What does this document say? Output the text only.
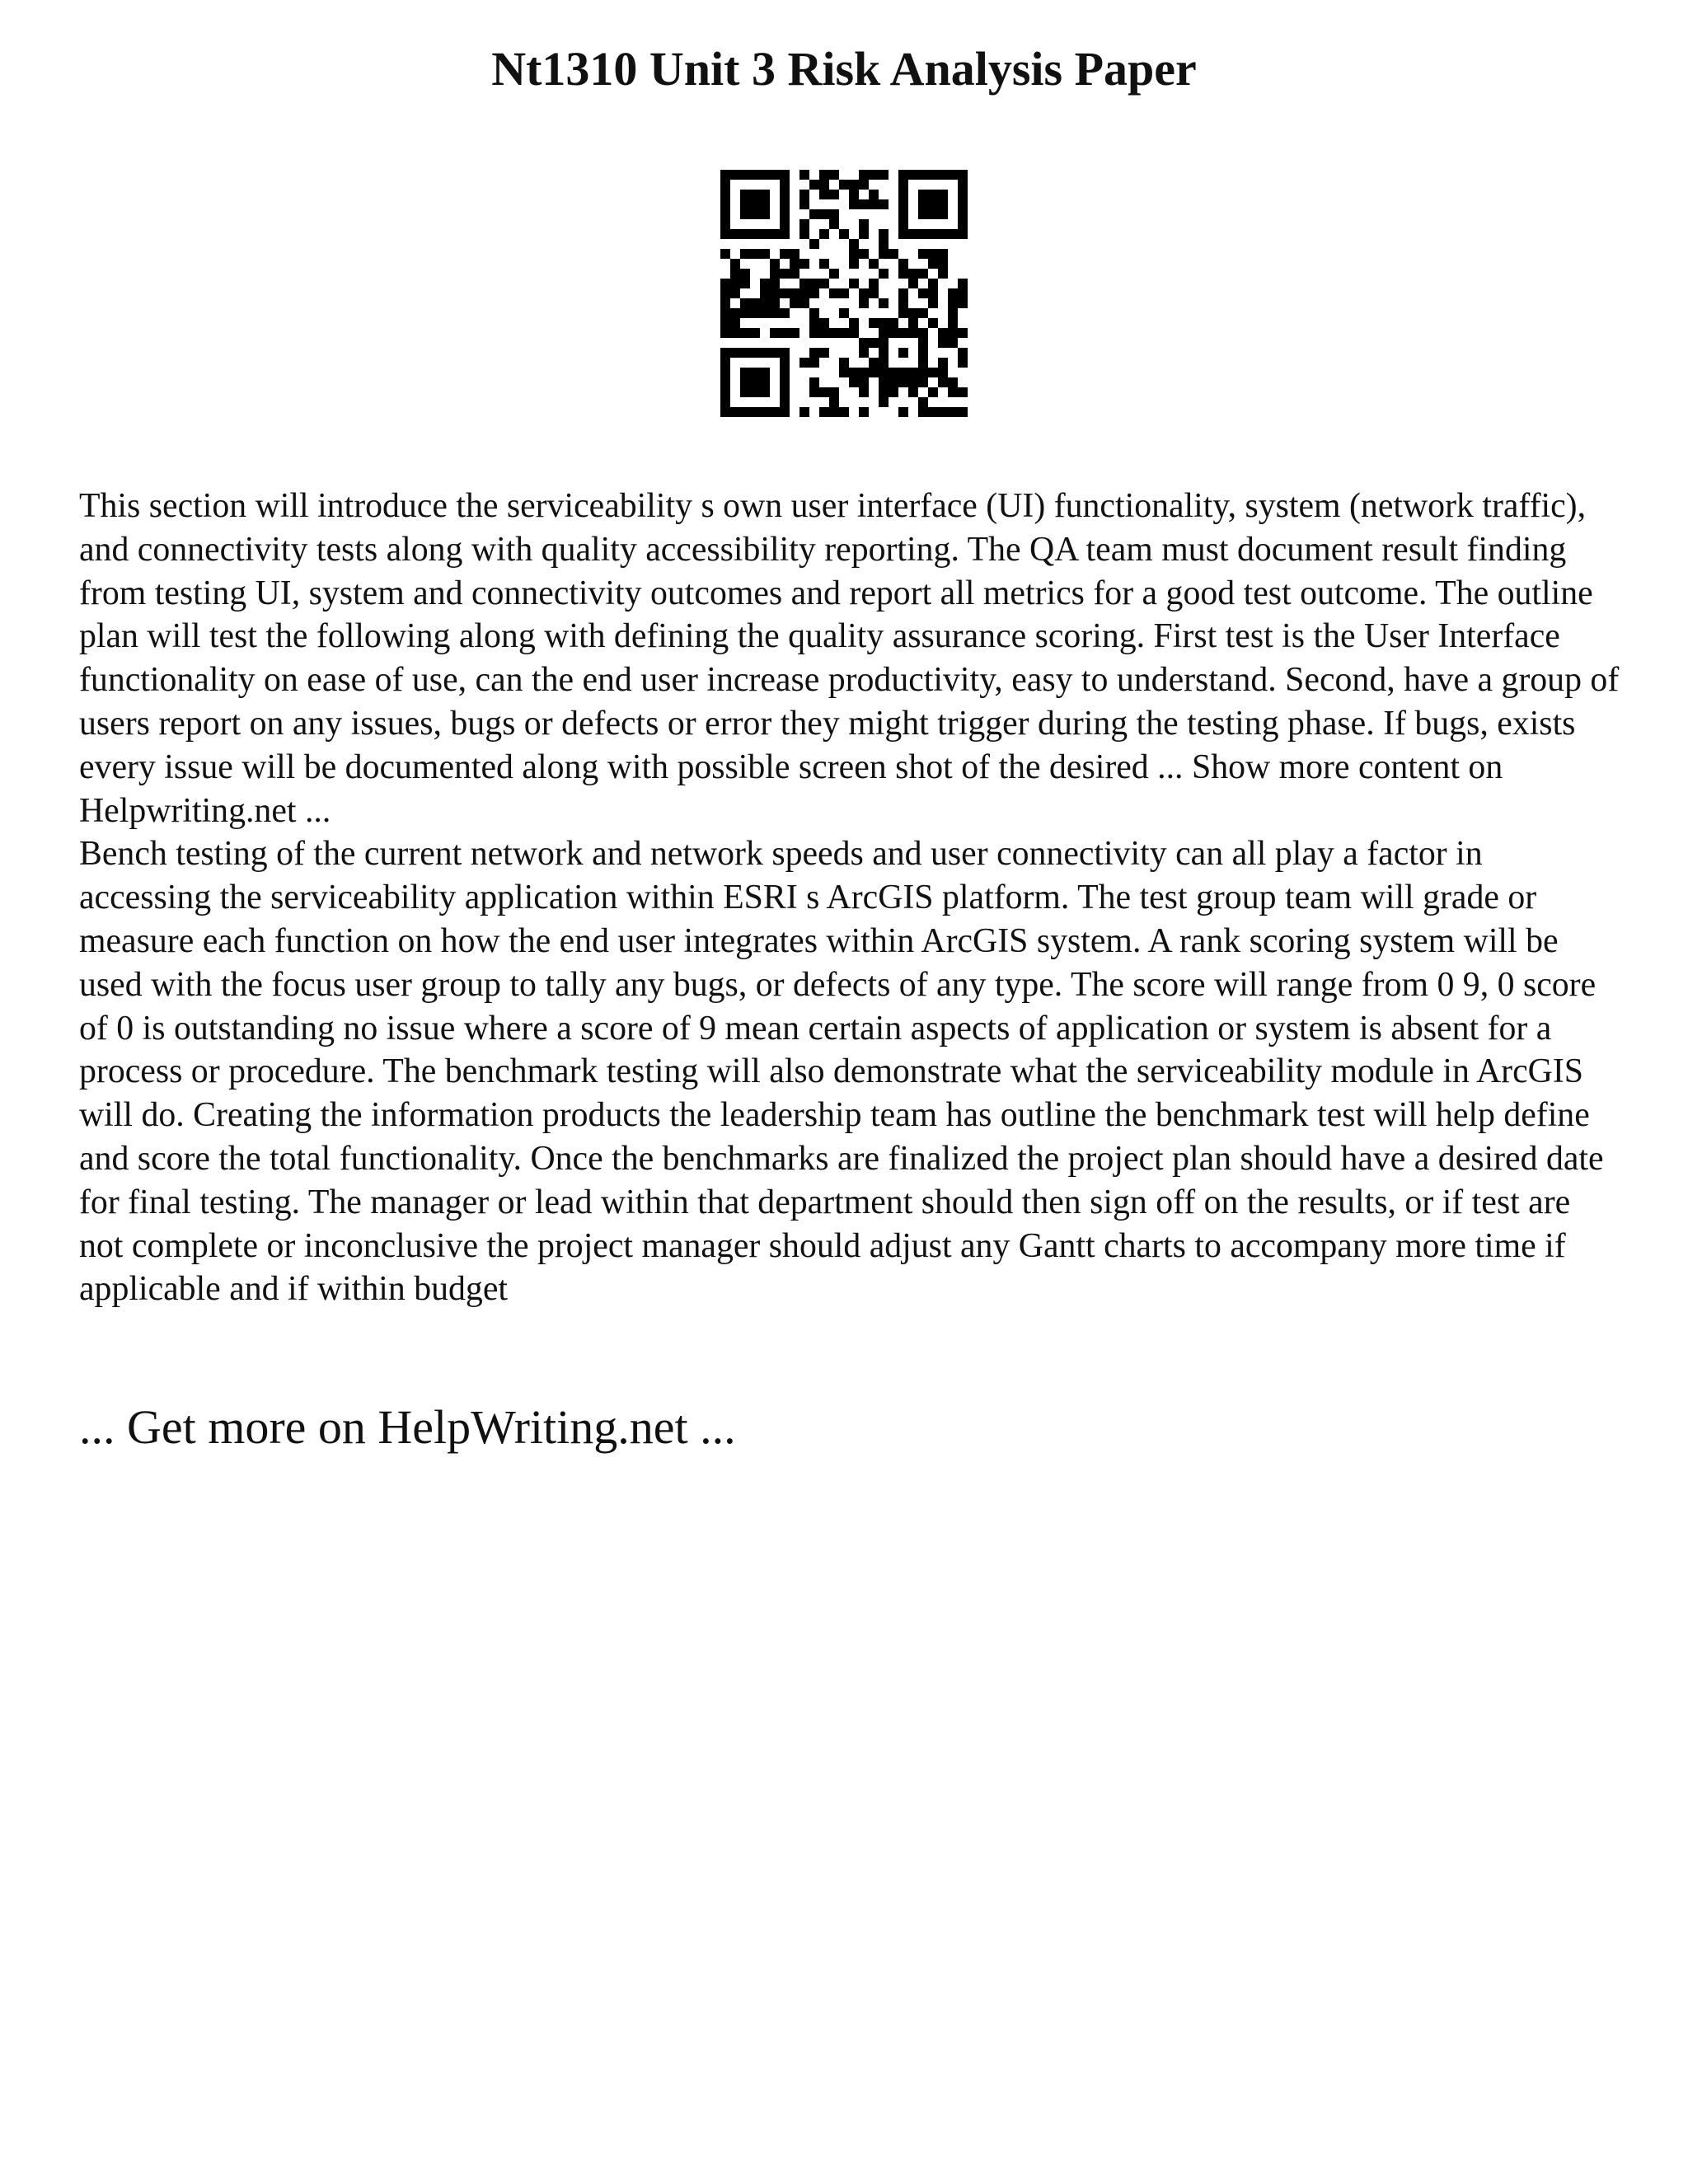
Nt1310 Unit 3 Risk Analysis Paper

This section will introduce the serviceability s own user interface (UI) functionality, system (network traffic), and connectivity tests along with quality accessibility reporting. The QA team must document result finding from testing UI, system and connectivity outcomes and report all metrics for a good test outcome. The outline plan will test the following along with defining the quality assurance scoring. First test is the User Interface functionality on ease of use, can the end user increase productivity, easy to understand. Second, have a group of users report on any issues, bugs or defects or error they might trigger during the testing phase. If bugs, exists every issue will be documented along with possible screen shot of the desired ... Show more content on Helpwriting.net ...

Bench testing of the current network and network speeds and user connectivity can all play a factor in accessing the serviceability application within ESRI s ArcGIS platform. The test group team will grade or measure each function on how the end user integrates within ArcGIS system. A rank scoring system will be used with the focus user group to tally any bugs, or defects of any type. The score will range from 0 9, 0 score of 0 is outstanding no issue where a score of 9 mean certain aspects of application or system is absent for a process or procedure. The benchmark testing will also demonstrate what the serviceability module in ArcGIS will do. Creating the information products the leadership team has outline the benchmark test will help define and score the total functionality. Once the benchmarks are finalized the project plan should have a desired date for final testing. The manager or lead within that department should then sign off on the results, or if test are not complete or inconclusive the project manager should adjust any Gantt charts to accompany more time if applicable and if within budget

... Get more on HelpWriting.net ...
